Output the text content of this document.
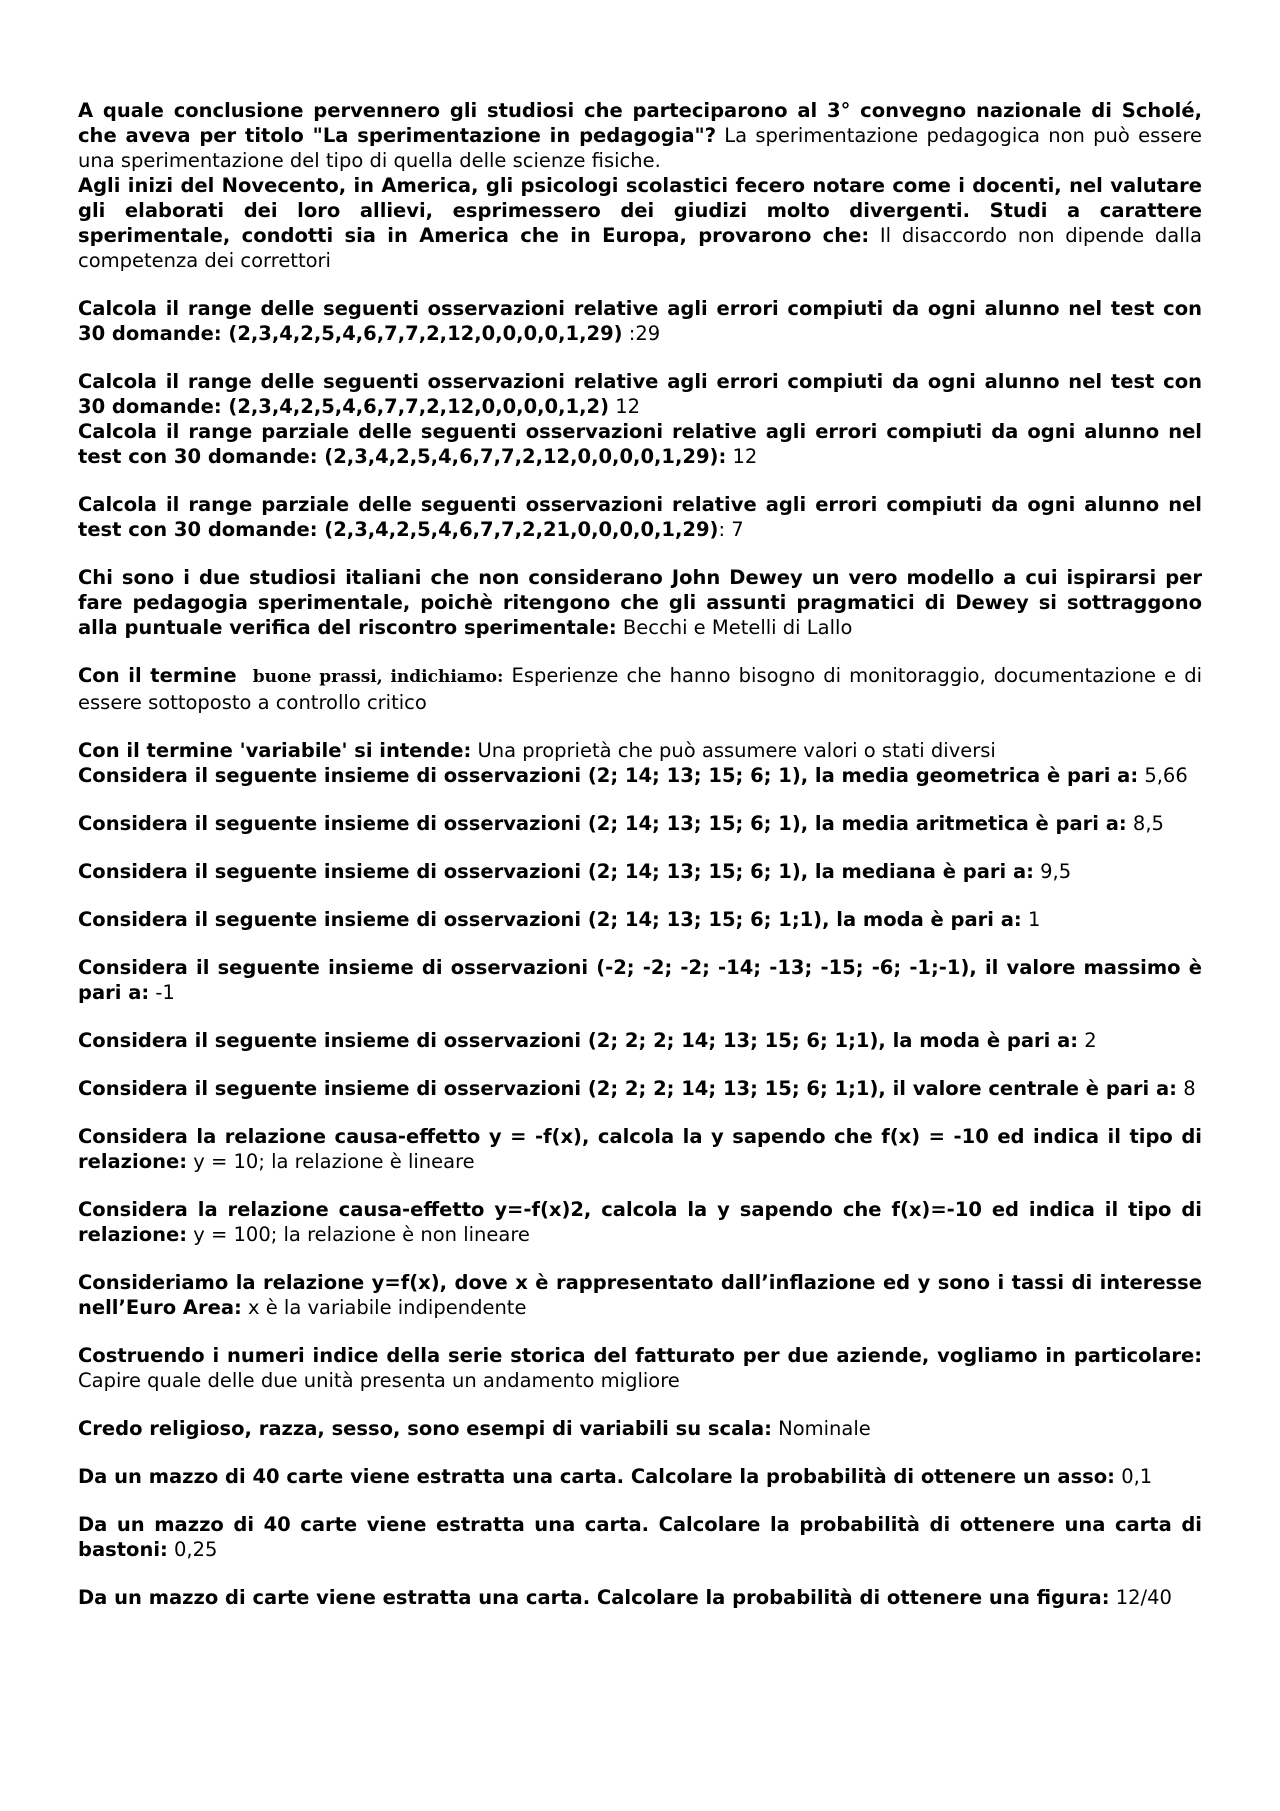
A quale conclusione pervennero gli studiosi che parteciparono al 3° convegno nazionale di Scholé, che aveva per titolo "La sperimentazione in pedagogia"? La sperimentazione pedagogica non può essere una sperimentazione del tipo di quella delle scienze fisiche.

Agli inizi del Novecento, in America, gli psicologi scolastici fecero notare come i docenti, nel valutare gli elaborati dei loro allievi, esprimessero dei giudizi molto divergenti. Studi a carattere sperimentale, condotti sia in America che in Europa, provarono che: Il disaccordo non dipende dalla competenza dei correttori

Calcola il range delle seguenti osservazioni relative agli errori compiuti da ogni alunno nel test con 30 domande: (2,3,4,2,5,4,6,7,7,2,12,0,0,0,0,1,29) :29

Calcola il range delle seguenti osservazioni relative agli errori compiuti da ogni alunno nel test con 30 domande: (2,3,4,2,5,4,6,7,7,2,12,0,0,0,0,1,2) 12

Calcola il range parziale delle seguenti osservazioni relative agli errori compiuti da ogni alunno nel test con 30 domande: (2,3,4,2,5,4,6,7,7,2,12,0,0,0,0,1,29): 12

Calcola il range parziale delle seguenti osservazioni relative agli errori compiuti da ogni alunno nel test con 30 domande: (2,3,4,2,5,4,6,7,7,2,21,0,0,0,0,1,29): 7

Chi sono i due studiosi italiani che non considerano John Dewey un vero modello a cui ispirarsi per fare pedagogia sperimentale, poichè ritengono che gli assunti pragmatici di Dewey si sottraggono alla puntuale verifica del riscontro sperimentale: Becchi e Metelli di Lallo

Con il termine buone prassi, indichiamo: Esperienze che hanno bisogno di monitoraggio, documentazione e di essere sottoposto a controllo critico

Con il termine 'variabile' si intende: Una proprietà che può assumere valori o stati diversi

Considera il seguente insieme di osservazioni (2; 14; 13; 15; 6; 1), la media geometrica è pari a: 5,66

Considera il seguente insieme di osservazioni (2; 14; 13; 15; 6; 1), la media aritmetica è pari a: 8,5

Considera il seguente insieme di osservazioni (2; 14; 13; 15; 6; 1), la mediana è pari a: 9,5

Considera il seguente insieme di osservazioni (2; 14; 13; 15; 6; 1;1), la moda è pari a: 1

Considera il seguente insieme di osservazioni (-2; -2; -2; -14; -13; -15; -6; -1;-1), il valore massimo è pari a: -1

Considera il seguente insieme di osservazioni (2; 2; 2; 14; 13; 15; 6; 1;1), la moda è pari a: 2

Considera il seguente insieme di osservazioni (2; 2; 2; 14; 13; 15; 6; 1;1), il valore centrale è pari a: 8

Considera la relazione causa-effetto y = -f(x), calcola la y sapendo che f(x) = -10 ed indica il tipo di relazione: y = 10; la relazione è lineare

Considera la relazione causa-effetto y=-f(x)2, calcola la y sapendo che f(x)=-10 ed indica il tipo di relazione: y = 100; la relazione è non lineare

Consideriamo la relazione y=f(x), dove x è rappresentato dall’inflazione ed y sono i tassi di interesse nell’Euro Area: x è la variabile indipendente

Costruendo i numeri indice della serie storica del fatturato per due aziende, vogliamo in particolare: Capire quale delle due unità presenta un andamento migliore

Credo religioso, razza, sesso, sono esempi di variabili su scala: Nominale

Da un mazzo di 40 carte viene estratta una carta. Calcolare la probabilità di ottenere un asso: 0,1

Da un mazzo di 40 carte viene estratta una carta. Calcolare la probabilità di ottenere una carta di bastoni: 0,25

Da un mazzo di carte viene estratta una carta. Calcolare la probabilità di ottenere una figura: 12/40
